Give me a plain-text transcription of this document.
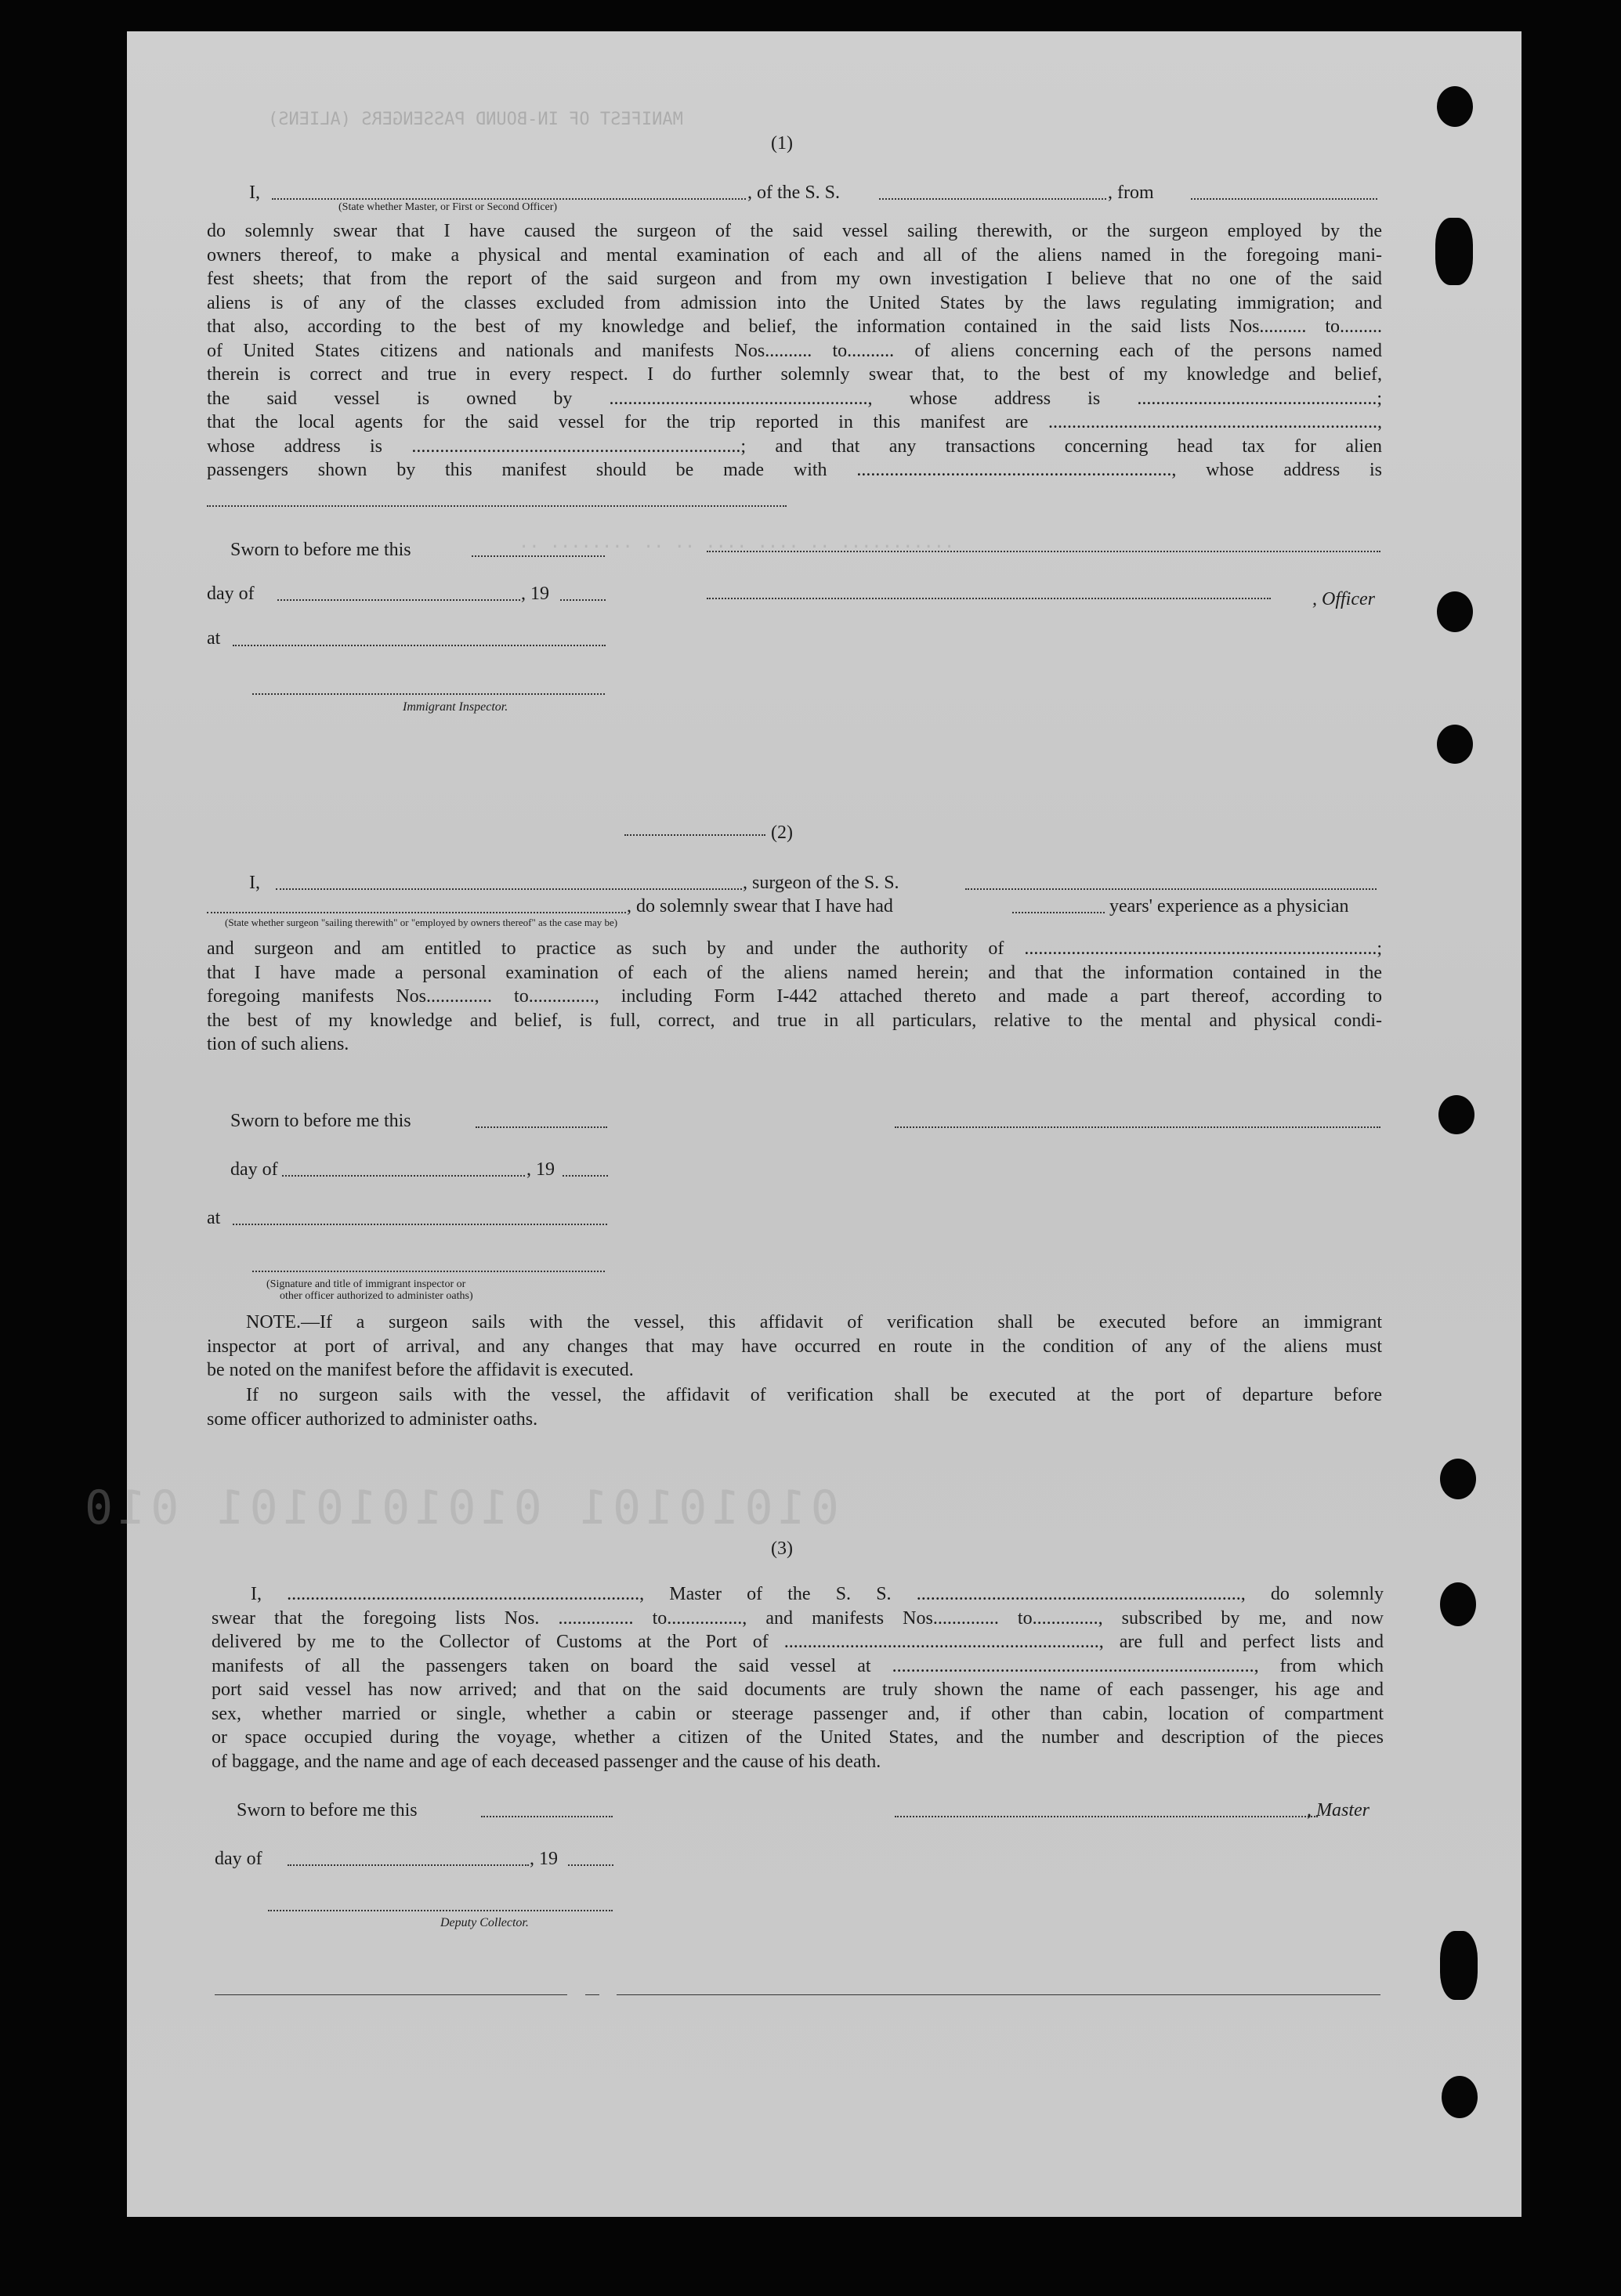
MANIFEST OF IN-BOUND PASSENGERS (ALIENS)
.. ........ .. .. .... .... .. ...........
01010101 0101010101 010
(1)
I,	, of the S. S.	, from
(State whether Master, or First or Second Officer)
do solemnly swear that I have caused the surgeon of the said vessel sailing therewith, or the surgeon employed by the
owners thereof, to make a physical and mental examination of each and all of the aliens named in the foregoing mani-
fest sheets; that from the report of the said surgeon and from my own investigation I believe that no one of the said
aliens is of any of the classes excluded from admission into the United States by the laws regulating immigration; and
that also, according to the best of my knowledge and belief, the information contained in the said lists Nos.......... to.........
of United States citizens and nationals and manifests Nos.......... to.......... of aliens concerning each of the persons named
therein is correct and true in every respect. I do further solemnly swear that, to the best of my knowledge and belief,
the said vessel is owned by ......................................................., whose address is ...................................................;
that the local agents for the said vessel for the trip reported in this manifest are ......................................................................,
whose address is ......................................................................; and that any transactions concerning head tax for alien
passengers shown by this manifest should be made with ..................................................................., whose address is
Sworn to before me this
day of	, 19
at
Immigrant Inspector.
, Officer
(2)
I,	, surgeon of the S. S.
, do solemnly swear that I have had	years' experience as a physician
(State whether surgeon "sailing therewith" or "employed by owners thereof" as the case may be)
and surgeon and am entitled to practice as such by and under the authority of ...........................................................................;
that I have made a personal examination of each of the aliens named herein; and that the information contained in the
foregoing manifests Nos.............. to.............., including Form I-442 attached thereto and made a part thereof, according to
the best of my knowledge and belief, is full, correct, and true in all particulars, relative to the mental and physical condi-
tion of such aliens.
Sworn to before me this
day of	, 19
at
(Signature and title of immigrant inspector or
other officer authorized to administer oaths)
NOTE.—If a surgeon sails with the vessel, this affidavit of verification shall be executed before an immigrant
inspector at port of arrival, and any changes that may have occurred en route in the condition of any of the aliens must
be noted on the manifest before the affidavit is executed.
If no surgeon sails with the vessel, the affidavit of verification shall be executed at the port of departure before
some officer authorized to administer oaths.
(3)
I, ..........................................................................., Master of the S. S. ....................................................................., do solemnly
swear that the foregoing lists Nos. ................ to................, and manifests Nos.............. to.............., subscribed by me, and now
delivered by me to the Collector of Customs at the Port of ..................................................................., are full and perfect lists and
manifests of all the passengers taken on board the said vessel at ............................................................................., from which
port said vessel has now arrived; and that on the said documents are truly shown the name of each passenger, his age and
sex, whether married or single, whether a cabin or steerage passenger and, if other than cabin, location of compartment
or space occupied during the voyage, whether a citizen of the United States, and the number and description of the pieces
of baggage, and the name and age of each deceased passenger and the cause of his death.
Sworn to before me this	, Master
day of	, 19
Deputy Collector.
